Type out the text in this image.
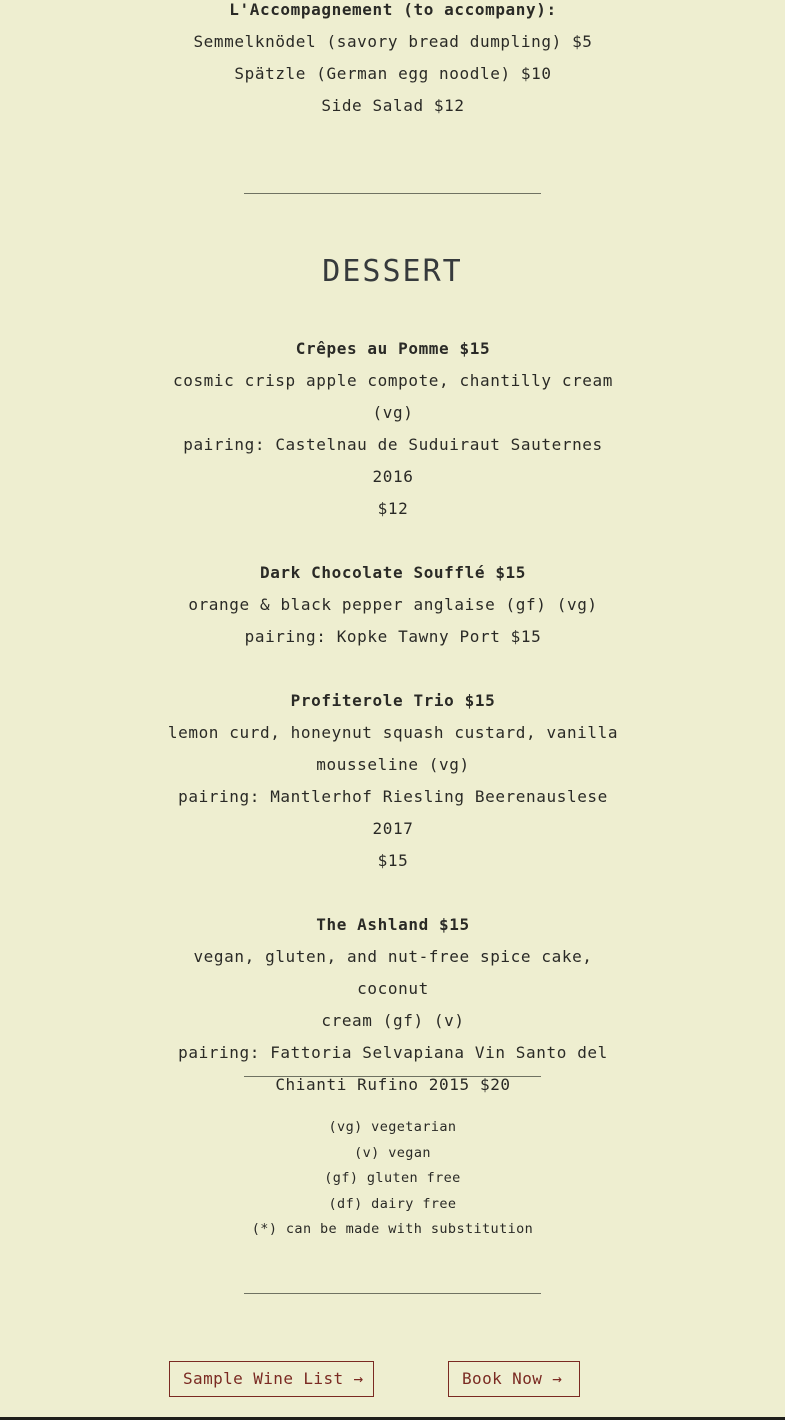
L'Accompagnement (to accompany):

Semmelknödel (savory bread dumpling) $5

Spätzle (German egg noodle) $10

Side Salad $12

DESSERT

Crêpes au Pomme $15

cosmic crisp apple compote, chantilly cream

(vg)

pairing: Castelnau de Suduiraut Sauternes 2016

$12

Dark Chocolate Soufflé $15

orange & black pepper anglaise (gf) (vg)

pairing: Kopke Tawny Port $15

Profiterole Trio $15

lemon curd, honeynut squash custard, vanilla

mousseline (vg)

pairing: Mantlerhof Riesling Beerenauslese 2017

$15

The Ashland $15

vegan, gluten, and nut-free spice cake, coconut

cream (gf) (v)

pairing: Fattoria Selvapiana Vin Santo del

Chianti Rufino 2015 $20

(vg) vegetarian
(v) vegan
(gf) gluten free
(df) dairy free
(*) can be made with substitution
Sample Wine List →	Book Now →
